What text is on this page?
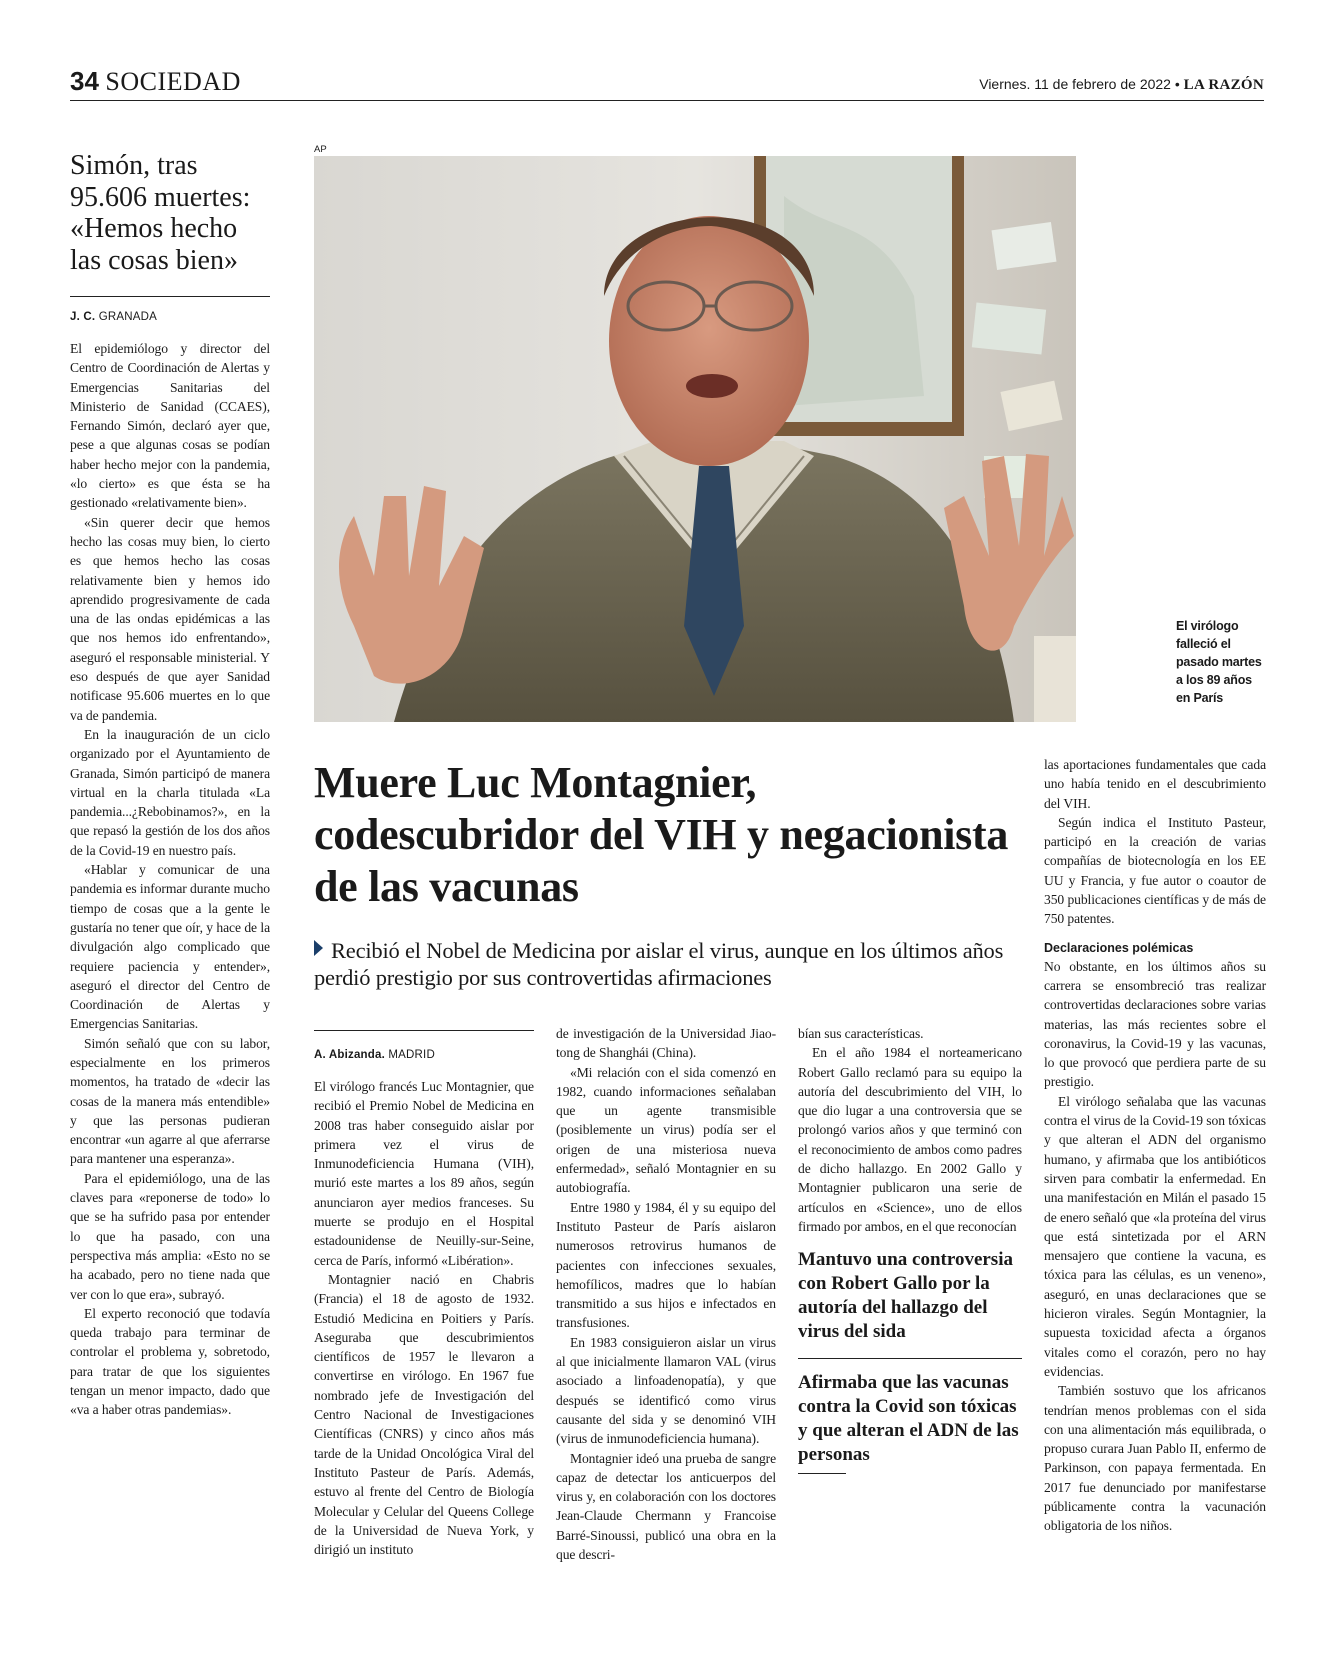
34 SOCIEDAD	Viernes. 11 de febrero de 2022 • LA RAZÓN
Simón, tras 95.606 muertes: «Hemos hecho las cosas bien»
J. C. GRANADA

El epidemiólogo y director del Centro de Coordinación de Alertas y Emergencias Sanitarias del Ministerio de Sanidad (CCAES), Fernando Simón, declaró ayer que, pese a que algunas cosas se podían haber hecho mejor con la pandemia, «lo cierto» es que ésta se ha gestionado «relativamente bien».

«Sin querer decir que hemos hecho las cosas muy bien, lo cierto es que hemos hecho las cosas relativamente bien y hemos ido aprendido progresivamente de cada una de las ondas epidémicas a las que nos hemos ido enfrentando», aseguró el responsable ministerial. Y eso después de que ayer Sanidad notificase 95.606 muertes en lo que va de pandemia.

En la inauguración de un ciclo organizado por el Ayuntamiento de Granada, Simón participó de manera virtual en la charla titulada «La pandemia...¿Rebobinamos?», en la que repasó la gestión de los dos años de la Covid-19 en nuestro país.

«Hablar y comunicar de una pandemia es informar durante mucho tiempo de cosas que a la gente le gustaría no tener que oír, y hace de la divulgación algo complicado que requiere paciencia y entender», aseguró el director del Centro de Coordinación de Alertas y Emergencias Sanitarias.

Simón señaló que con su labor, especialmente en los primeros momentos, ha tratado de «decir las cosas de la manera más entendible» y que las personas pudieran encontrar «un agarre al que aferrarse para mantener una esperanza».

Para el epidemiólogo, una de las claves para «reponerse de todo» lo que se ha sufrido pasa por entender lo que ha pasado, con una perspectiva más amplia: «Esto no se ha acabado, pero no tiene nada que ver con lo que era», subrayó.

El experto reconoció que todavía queda trabajo para terminar de controlar el problema y, sobretodo, para tratar de que los siguientes tengan un menor impacto, dado que «va a haber otras pandemias».

AP
El virólogo falleció el pasado martes a los 89 años en París
Muere Luc Montagnier, codescubridor del VIH y negacionista de las vacunas
Recibió el Nobel de Medicina por aislar el virus, aunque en los últimos años perdió prestigio por sus controvertidas afirmaciones
A. Abizanda. MADRID

El virólogo francés Luc Montagnier, que recibió el Premio Nobel de Medicina en 2008 tras haber conseguido aislar por primera vez el virus de Inmunodeficiencia Humana (VIH), murió este martes a los 89 años, según anunciaron ayer medios franceses. Su muerte se produjo en el Hospital estadounidense de Neuilly-sur-Seine, cerca de París, informó «Libération».

Montagnier nació en Chabris (Francia) el 18 de agosto de 1932. Estudió Medicina en Poitiers y París. Aseguraba que descubrimientos científicos de 1957 le llevaron a convertirse en virólogo. En 1967 fue nombrado jefe de Investigación del Centro Nacional de Investigaciones Científicas (CNRS) y cinco años más tarde de la Unidad Oncológica Viral del Instituto Pasteur de París. Además, estuvo al frente del Centro de Biología Molecular y Celular del Queens College de la Universidad de Nueva York, y dirigió un instituto

de investigación de la Universidad Jiao-tong de Shanghái (China).

«Mi relación con el sida comenzó en 1982, cuando informaciones señalaban que un agente transmisible (posiblemente un virus) podía ser el origen de una misteriosa nueva enfermedad», señaló Montagnier en su autobiografía.

Entre 1980 y 1984, él y su equipo del Instituto Pasteur de París aislaron numerosos retrovirus humanos de pacientes con infecciones sexuales, hemofílicos, madres que lo habían transmitido a sus hijos e infectados en transfusiones.

En 1983 consiguieron aislar un virus al que inicialmente llamaron VAL (virus asociado a linfoadenopatía), y que después se identificó como virus causante del sida y se denominó VIH (virus de inmunodeficiencia humana).

Montagnier ideó una prueba de sangre capaz de detectar los anticuerpos del virus y, en colaboración con los doctores Jean-Claude Chermann y Francoise Barré-Sinoussi, publicó una obra en la que descri-

bían sus características.

En el año 1984 el norteamericano Robert Gallo reclamó para su equipo la autoría del descubrimiento del VIH, lo que dio lugar a una controversia que se prolongó varios años y que terminó con el reconocimiento de ambos como padres de dicho hallazgo. En 2002 Gallo y Montagnier publicaron una serie de artículos en «Science», uno de ellos firmado por ambos, en el que reconocían

Mantuvo una controversia con Robert Gallo por la autoría del hallazgo del virus del sida
Afirmaba que las vacunas contra la Covid son tóxicas y que alteran el ADN de las personas

las aportaciones fundamentales que cada uno había tenido en el descubrimiento del VIH.

Según indica el Instituto Pasteur, participó en la creación de varias compañías de biotecnología en los EE UU y Francia, y fue autor o coautor de 350 publicaciones científicas y de más de 750 patentes.

Declaraciones polémicas

No obstante, en los últimos años su carrera se ensombreció tras realizar controvertidas declaraciones sobre varias materias, las más recientes sobre el coronavirus, la Covid-19 y las vacunas, lo que provocó que perdiera parte de su prestigio.

El virólogo señalaba que las vacunas contra el virus de la Covid-19 son tóxicas y que alteran el ADN del organismo humano, y afirmaba que los antibióticos sirven para combatir la enfermedad. En una manifestación en Milán el pasado 15 de enero señaló que «la proteína del virus que está sintetizada por el ARN mensajero que contiene la vacuna, es tóxica para las células, es un veneno», aseguró, en unas declaraciones que se hicieron virales. Según Montagnier, la supuesta toxicidad afecta a órganos vitales como el corazón, pero no hay evidencias.

También sostuvo que los africanos tendrían menos problemas con el sida con una alimentación más equilibrada, o propuso curara Juan Pablo II, enfermo de Parkinson, con papaya fermentada. En 2017 fue denunciado por manifestarse públicamente contra la vacunación obligatoria de los niños.
